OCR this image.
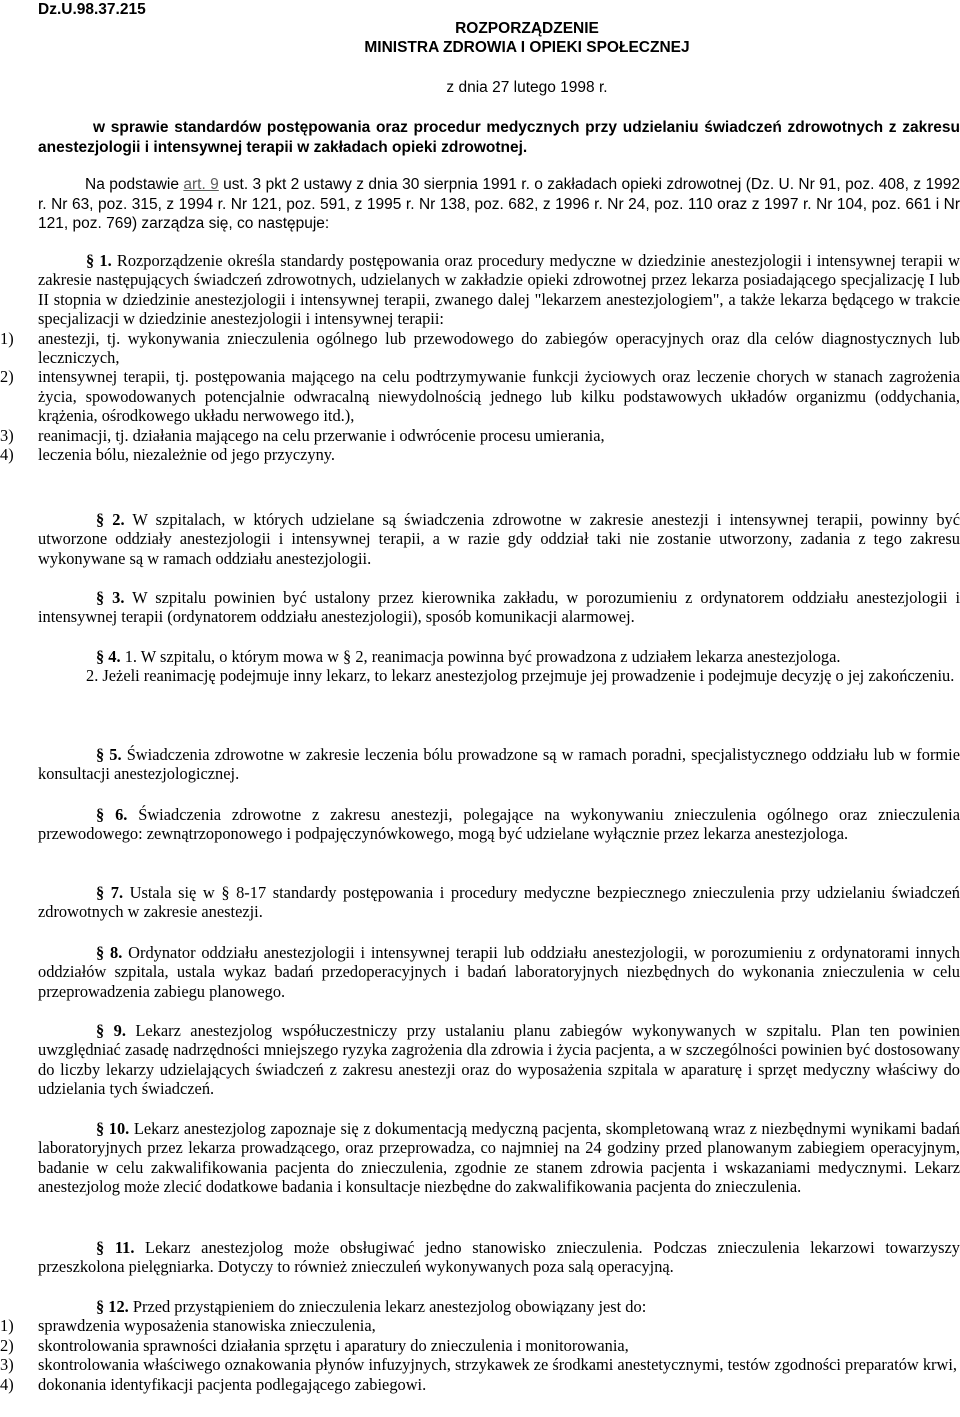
Dz.U.98.37.215
ROZPORZĄDZENIE
MINISTRA ZDROWIA I OPIEKI SPOŁECZNEJ
z dnia 27 lutego 1998 r.
w sprawie standardów postępowania oraz procedur medycznych przy udzielaniu świadczeń zdrowotnych z zakresu anestezjologii i intensywnej terapii w zakładach opieki zdrowotnej.
Na podstawie art. 9 ust. 3 pkt 2 ustawy z dnia 30 sierpnia 1991 r. o zakładach opieki zdrowotnej (Dz. U. Nr 91, poz. 408, z 1992 r. Nr 63, poz. 315, z 1994 r. Nr 121, poz. 591, z 1995 r. Nr 138, poz. 682, z 1996 r. Nr 24, poz. 110 oraz z 1997 r. Nr 104, poz. 661 i Nr 121, poz. 769) zarządza się, co następuje:

§ 1. Rozporządzenie określa standardy postępowania oraz procedury medyczne w dziedzinie anestezjologii i intensywnej terapii w zakresie następujących świadczeń zdrowotnych, udzielanych w zakładzie opieki zdrowotnej przez lekarza posiadającego specjalizację I lub II stopnia w dziedzinie anestezjologii i intensywnej terapii, zwanego dalej "lekarzem anestezjologiem", a także lekarza będącego w trakcie specjalizacji w dziedzinie anestezjologii i intensywnej terapii:

1) anestezji, tj. wykonywania znieczulenia ogólnego lub przewodowego do zabiegów operacyjnych oraz dla celów diagnostycznych lub leczniczych,
2) intensywnej terapii, tj. postępowania mającego na celu podtrzymywanie funkcji życiowych oraz leczenie chorych w stanach zagrożenia życia, spowodowanych potencjalnie odwracalną niewydolnością jednego lub kilku podstawowych układów organizmu (oddychania, krążenia, ośrodkowego układu nerwowego itd.),
3) reanimacji, tj. działania mającego na celu przerwanie i odwrócenie procesu umierania,
4) leczenia bólu, niezależnie od jego przyczyny.

§ 2. W szpitalach, w których udzielane są świadczenia zdrowotne w zakresie anestezji i intensywnej terapii, powinny być utworzone oddziały anestezjologii i intensywnej terapii, a w razie gdy oddział taki nie zostanie utworzony, zadania z tego zakresu wykonywane są w ramach oddziału anestezjologii.

§ 3. W szpitalu powinien być ustalony przez kierownika zakładu, w porozumieniu z ordynatorem oddziału anestezjologii i intensywnej terapii (ordynatorem oddziału anestezjologii), sposób komunikacji alarmowej.

§ 4. 1. W szpitalu, o którym mowa w § 2, reanimacja powinna być prowadzona z udziałem lekarza anestezjologa.

2. Jeżeli reanimację podejmuje inny lekarz, to lekarz anestezjolog przejmuje jej prowadzenie i podejmuje decyzję o jej zakończeniu.

§ 5. Świadczenia zdrowotne w zakresie leczenia bólu prowadzone są w ramach poradni, specjalistycznego oddziału lub w formie konsultacji anestezjologicznej.

§ 6. Świadczenia zdrowotne z zakresu anestezji, polegające na wykonywaniu znieczulenia ogólnego oraz znieczulenia przewodowego: zewnątrzoponowego i podpajęczynówkowego, mogą być udzielane wyłącznie przez lekarza anestezjologa.

§ 7. Ustala się w § 8-17 standardy postępowania i procedury medyczne bezpiecznego znieczulenia przy udzielaniu świadczeń zdrowotnych w zakresie anestezji.

§ 8. Ordynator oddziału anestezjologii i intensywnej terapii lub oddziału anestezjologii, w porozumieniu z ordynatorami innych oddziałów szpitala, ustala wykaz badań przedoperacyjnych i badań laboratoryjnych niezbędnych do wykonania znieczulenia w celu przeprowadzenia zabiegu planowego.

§ 9. Lekarz anestezjolog współuczestniczy przy ustalaniu planu zabiegów wykonywanych w szpitalu. Plan ten powinien uwzględniać zasadę nadrzędności mniejszego ryzyka zagrożenia dla zdrowia i życia pacjenta, a w szczególności powinien być dostosowany do liczby lekarzy udzielających świadczeń z zakresu anestezji oraz do wyposażenia szpitala w aparaturę i sprzęt medyczny właściwy do udzielania tych świadczeń.

§ 10. Lekarz anestezjolog zapoznaje się z dokumentacją medyczną pacjenta, skompletowaną wraz z niezbędnymi wynikami badań laboratoryjnych przez lekarza prowadzącego, oraz przeprowadza, co najmniej na 24 godziny przed planowanym zabiegiem operacyjnym, badanie w celu zakwalifikowania pacjenta do znieczulenia, zgodnie ze stanem zdrowia pacjenta i wskazaniami medycznymi. Lekarz anestezjolog może zlecić dodatkowe badania i konsultacje niezbędne do zakwalifikowania pacjenta do znieczulenia.

§ 11. Lekarz anestezjolog może obsługiwać jedno stanowisko znieczulenia. Podczas znieczulenia lekarzowi towarzyszy przeszkolona pielęgniarka. Dotyczy to również znieczuleń wykonywanych poza salą operacyjną.

§ 12. Przed przystąpieniem do znieczulenia lekarz anestezjolog obowiązany jest do:

1) sprawdzenia wyposażenia stanowiska znieczulenia,
2) skontrolowania sprawności działania sprzętu i aparatury do znieczulenia i monitorowania,
3) skontrolowania właściwego oznakowania płynów infuzyjnych, strzykawek ze środkami anestetycznymi, testów zgodności preparatów krwi,
4) dokonania identyfikacji pacjenta podlegającego zabiegowi.
